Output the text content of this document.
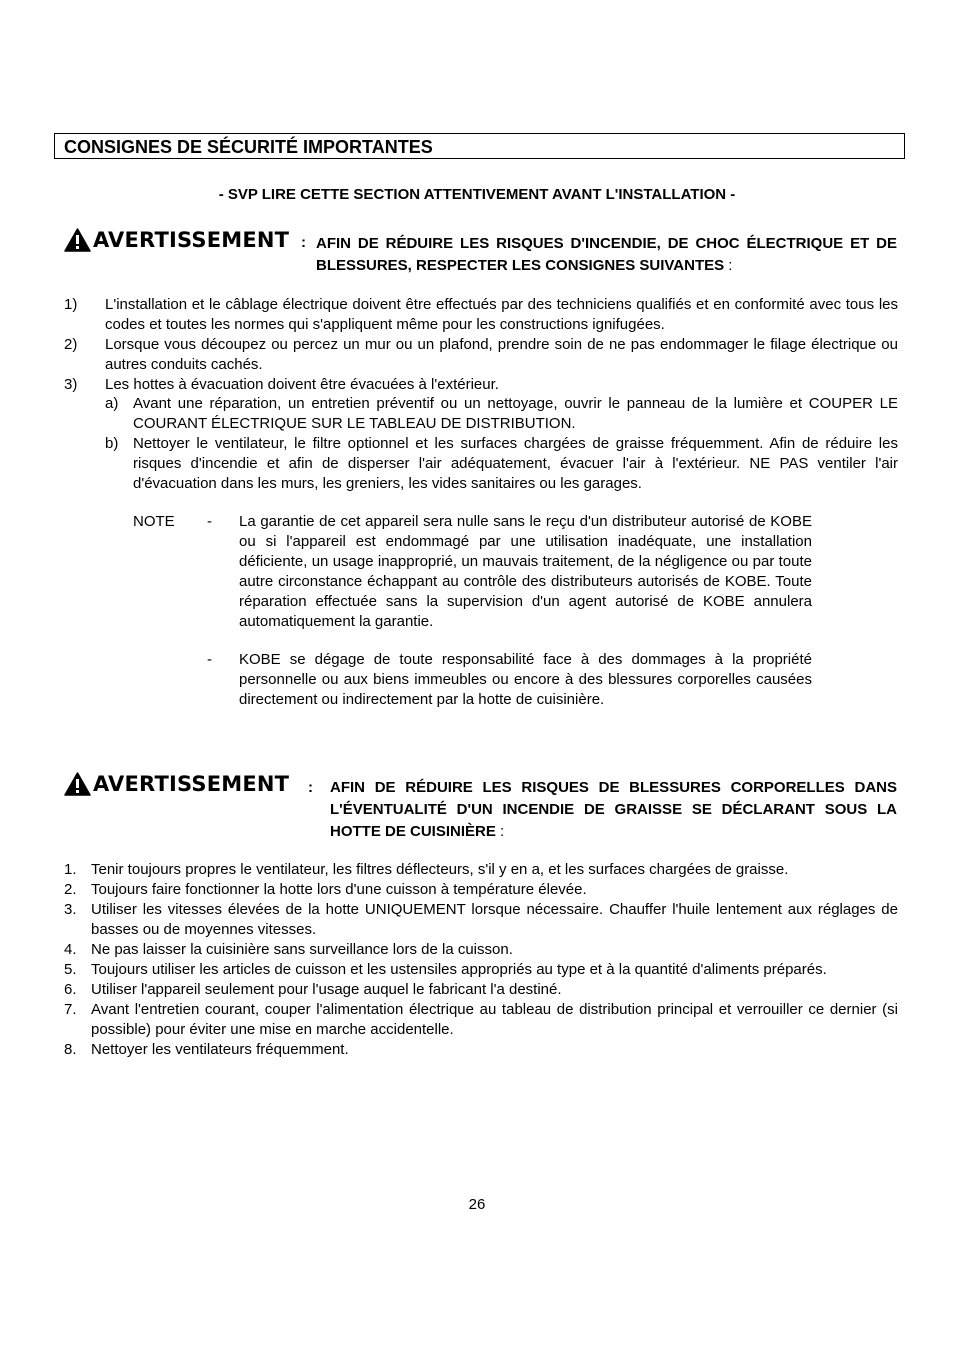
CONSIGNES DE SÉCURITÉ IMPORTANTES
- SVP LIRE CETTE SECTION ATTENTIVEMENT AVANT L'INSTALLATION -
AVERTISSEMENT : AFIN DE RÉDUIRE LES RISQUES D'INCENDIE, DE CHOC ÉLECTRIQUE ET DE BLESSURES, RESPECTER LES CONSIGNES SUIVANTES :
1) L'installation et le câblage électrique doivent être effectués par des techniciens qualifiés et en conformité avec tous les codes et toutes les normes qui s'appliquent même pour les constructions ignifugées.
2) Lorsque vous découpez ou percez un mur ou un plafond, prendre soin de ne pas endommager le filage électrique ou autres conduits cachés.
3) Les hottes à évacuation doivent être évacuées à l'extérieur.
a) Avant une réparation, un entretien préventif ou un nettoyage, ouvrir le panneau de la lumière et COUPER LE COURANT ÉLECTRIQUE SUR LE TABLEAU DE DISTRIBUTION.
b) Nettoyer le ventilateur, le filtre optionnel et les surfaces chargées de graisse fréquemment. Afin de réduire les risques d'incendie et afin de disperser l'air adéquatement, évacuer l'air à l'extérieur. NE PAS ventiler l'air d'évacuation dans les murs, les greniers, les vides sanitaires ou les garages.
NOTE - La garantie de cet appareil sera nulle sans le reçu d'un distributeur autorisé de KOBE ou si l'appareil est endommagé par une utilisation inadéquate, une installation déficiente, un usage inapproprié, un mauvais traitement, de la négligence ou par toute autre circonstance échappant au contrôle des distributeurs autorisés de KOBE. Toute réparation effectuée sans la supervision d'un agent autorisé de KOBE annulera automatiquement la garantie.
- KOBE se dégage de toute responsabilité face à des dommages à la propriété personnelle ou aux biens immeubles ou encore à des blessures corporelles causées directement ou indirectement par la hotte de cuisinière.
AVERTISSEMENT : AFIN DE RÉDUIRE LES RISQUES DE BLESSURES CORPORELLES DANS L'ÉVENTUALITÉ D'UN INCENDIE DE GRAISSE SE DÉCLARANT SOUS LA HOTTE DE CUISINIÈRE :
1. Tenir toujours propres le ventilateur, les filtres déflecteurs, s'il y en a, et les surfaces chargées de graisse.
2. Toujours faire fonctionner la hotte lors d'une cuisson à température élevée.
3. Utiliser les vitesses élevées de la hotte UNIQUEMENT lorsque nécessaire. Chauffer l'huile lentement aux réglages de basses ou de moyennes vitesses.
4. Ne pas laisser la cuisinière sans surveillance lors de la cuisson.
5. Toujours utiliser les articles de cuisson et les ustensiles appropriés au type et à la quantité d'aliments préparés.
6. Utiliser l'appareil seulement pour l'usage auquel le fabricant l'a destiné.
7. Avant l'entretien courant, couper l'alimentation électrique au tableau de distribution principal et verrouiller ce dernier (si possible) pour éviter une mise en marche accidentelle.
8. Nettoyer les ventilateurs fréquemment.
26
